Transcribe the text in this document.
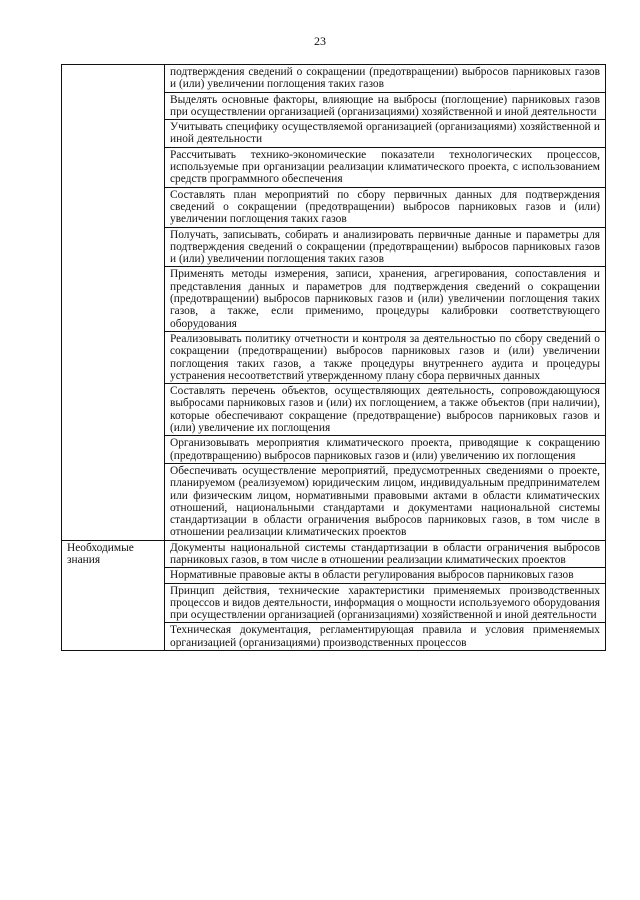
23
	подтверждения сведений о сокращении (предотвращении) выбросов парниковых газов и (или) увеличении поглощения таких газов
	Выделять основные факторы, влияющие на выбросы (поглощение) парниковых газов при осуществлении организацией (организациями) хозяйственной и иной деятельности
	Учитывать специфику осуществляемой организацией (организациями) хозяйственной и иной деятельности
	Рассчитывать технико-экономические показатели технологических процессов, используемые при организации реализации климатического проекта, с использованием средств программного обеспечения
	Составлять план мероприятий по сбору первичных данных для подтверждения сведений о сокращении (предотвращении) выбросов парниковых газов и (или) увеличении поглощения таких газов
	Получать, записывать, собирать и анализировать первичные данные и параметры для подтверждения сведений о сокращении (предотвращении) выбросов парниковых газов и (или) увеличении поглощения таких газов
	Применять методы измерения, записи, хранения, агрегирования, сопоставления и представления данных и параметров для подтверждения сведений о сокращении (предотвращении) выбросов парниковых газов и (или) увеличении поглощения таких газов, а также, если применимо, процедуры калибровки соответствующего оборудования
	Реализовывать политику отчетности и контроля за деятельностью по сбору сведений о сокращении (предотвращении) выбросов парниковых газов и (или) увеличении поглощения таких газов, а также процедуры внутреннего аудита и процедуры устранения несоответствий утвержденному плану сбора первичных данных
	Составлять перечень объектов, осуществляющих деятельность, сопровождающуюся выбросами парниковых газов и (или) их поглощением, а также объектов (при наличии), которые обеспечивают сокращение (предотвращение) выбросов парниковых газов и (или) увеличение их поглощения
	Организовывать мероприятия климатического проекта, приводящие к сокращению (предотвращению) выбросов парниковых газов и (или) увеличению их поглощения
	Обеспечивать осуществление мероприятий, предусмотренных сведениями о проекте, планируемом (реализуемом) юридическим лицом, индивидуальным предпринимателем или физическим лицом, нормативными правовыми актами в области климатических отношений, национальными стандартами и документами национальной системы стандартизации в области ограничения выбросов парниковых газов, в том числе в отношении реализации климатических проектов
Необходимые знания	Документы национальной системы стандартизации в области ограничения выбросов парниковых газов, в том числе в отношении реализации климатических проектов
	Нормативные правовые акты в области регулирования выбросов парниковых газов
	Принцип действия, технические характеристики применяемых производственных процессов и видов деятельности, информация о мощности используемого оборудования при осуществлении организацией (организациями) хозяйственной и иной деятельности
	Техническая документация, регламентирующая правила и условия применяемых организацией (организациями) производственных процессов
